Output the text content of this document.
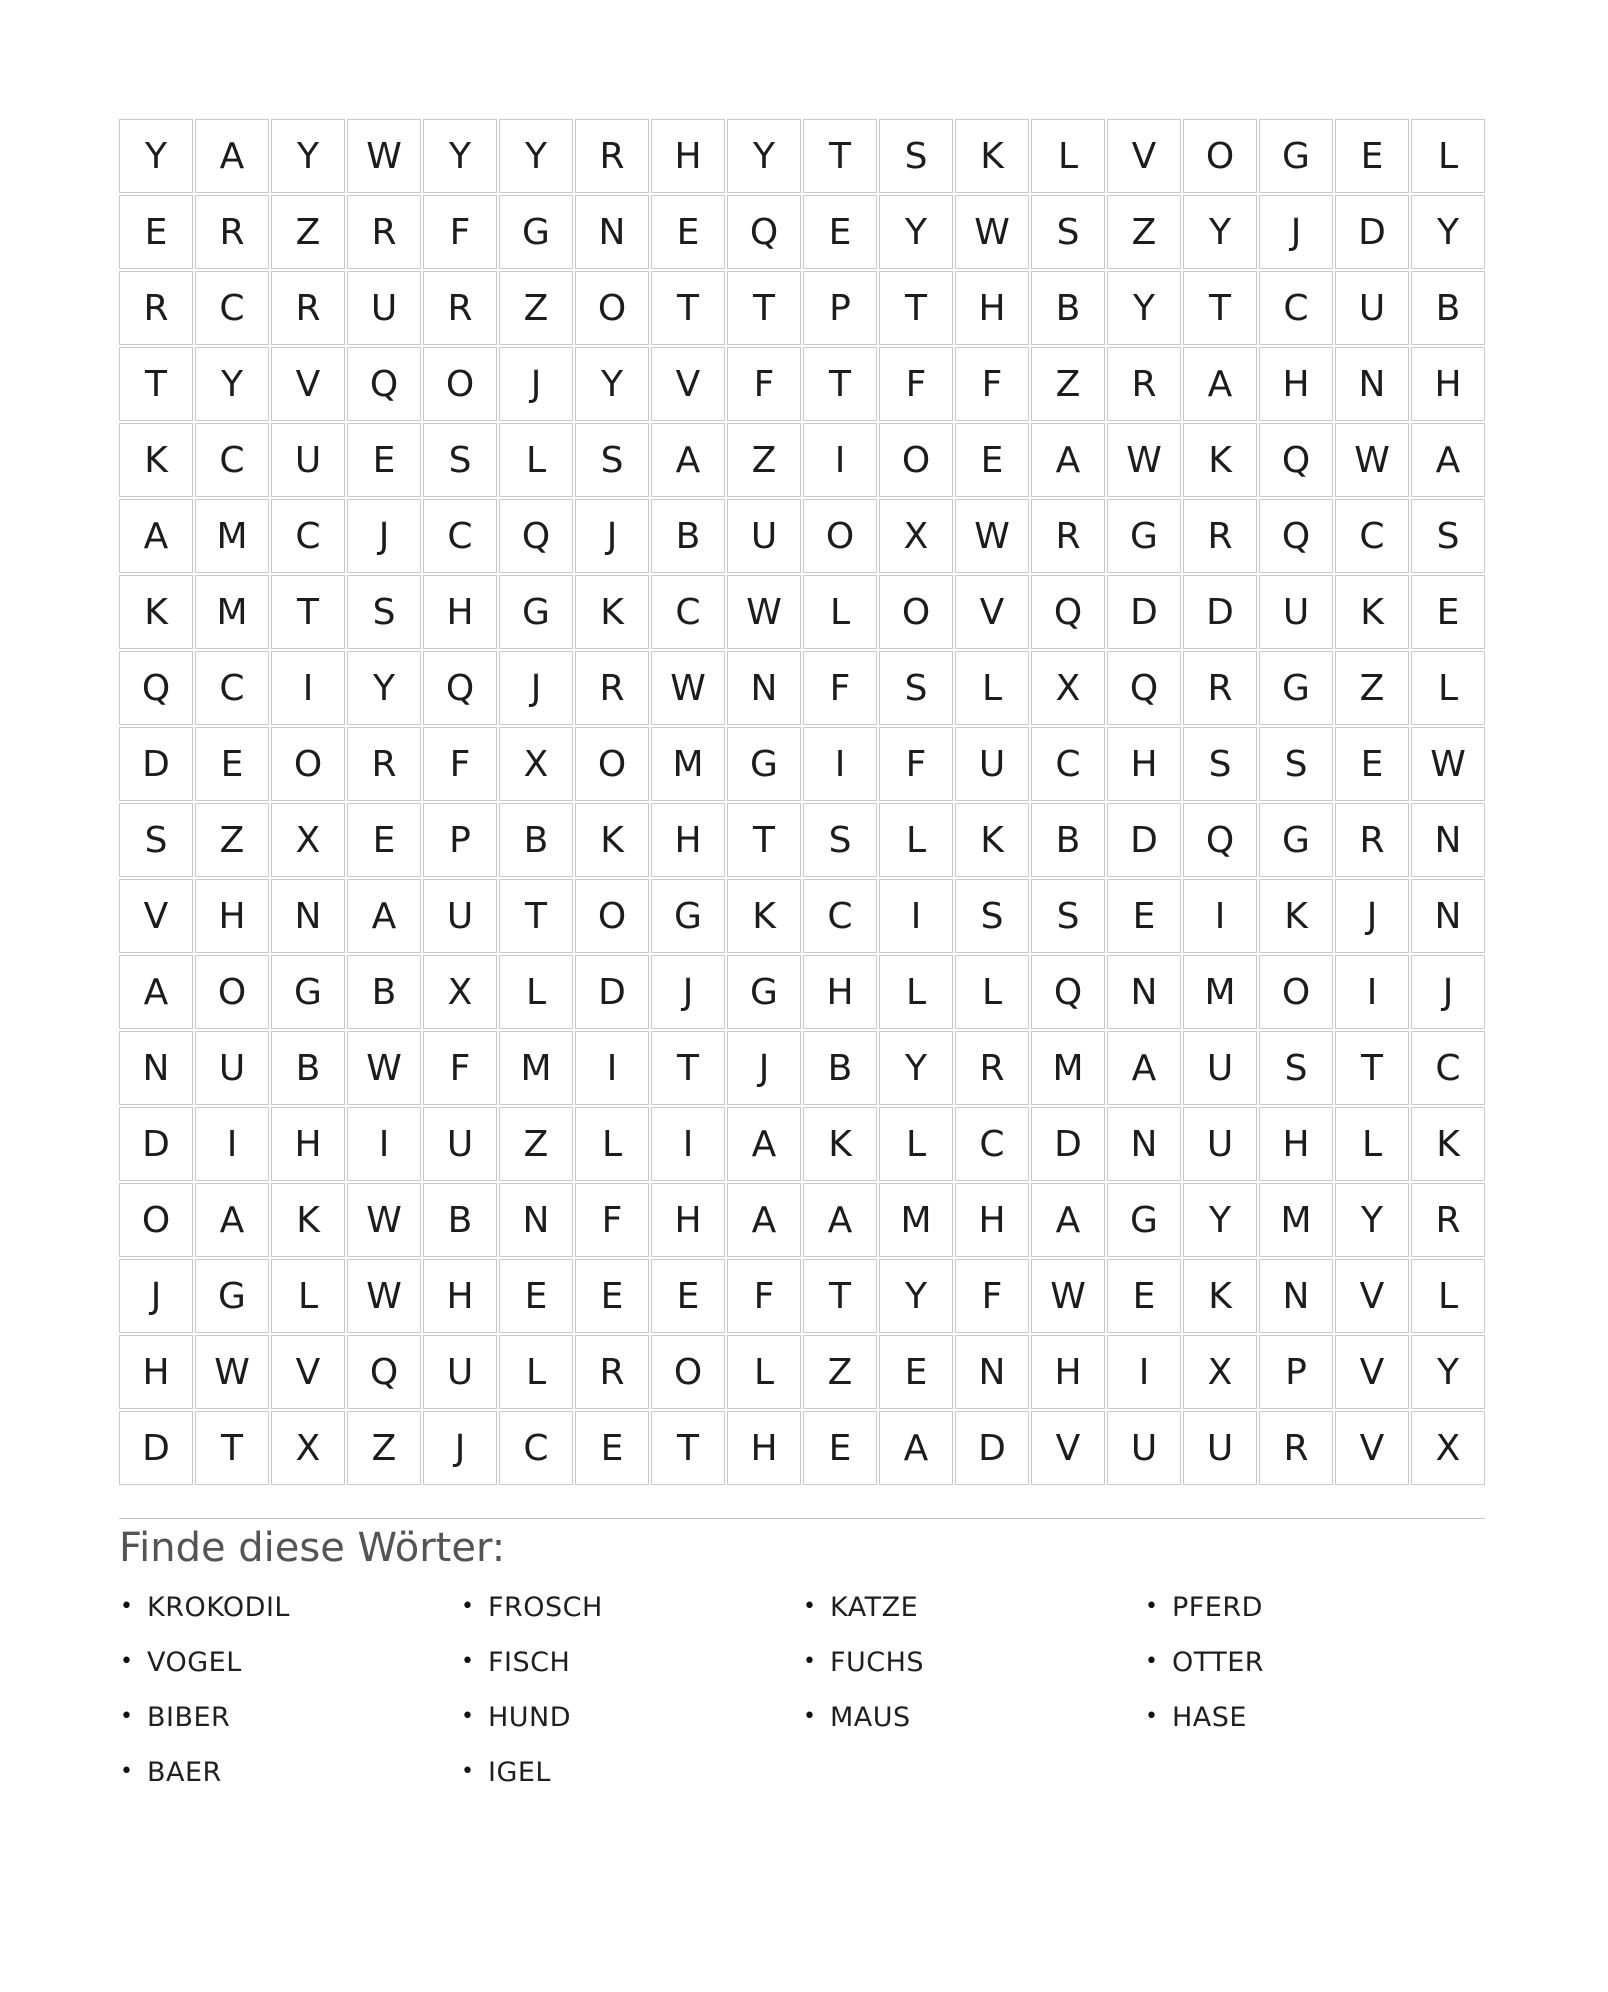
Y	A	Y	W	Y	Y	R	H	Y	T	S	K	L	V	O	G	E	L
E	R	Z	R	F	G	N	E	Q	E	Y	W	S	Z	Y	J	D	Y
R	C	R	U	R	Z	O	T	T	P	T	H	B	Y	T	C	U	B
T	Y	V	Q	O	J	Y	V	F	T	F	F	Z	R	A	H	N	H
K	C	U	E	S	L	S	A	Z	I	O	E	A	W	K	Q	W	A
A	M	C	J	C	Q	J	B	U	O	X	W	R	G	R	Q	C	S
K	M	T	S	H	G	K	C	W	L	O	V	Q	D	D	U	K	E
Q	C	I	Y	Q	J	R	W	N	F	S	L	X	Q	R	G	Z	L
D	E	O	R	F	X	O	M	G	I	F	U	C	H	S	S	E	W
S	Z	X	E	P	B	K	H	T	S	L	K	B	D	Q	G	R	N
V	H	N	A	U	T	O	G	K	C	I	S	S	E	I	K	J	N
A	O	G	B	X	L	D	J	G	H	L	L	Q	N	M	O	I	J
N	U	B	W	F	M	I	T	J	B	Y	R	M	A	U	S	T	C
D	I	H	I	U	Z	L	I	A	K	L	C	D	N	U	H	L	K
O	A	K	W	B	N	F	H	A	A	M	H	A	G	Y	M	Y	R
J	G	L	W	H	E	E	E	F	T	Y	F	W	E	K	N	V	L
H	W	V	Q	U	L	R	O	L	Z	E	N	H	I	X	P	V	Y
D	T	X	Z	J	C	E	T	H	E	A	D	V	U	U	R	V	X
Finde diese Wörter:
• KROKODIL
• VOGEL
• BIBER
• BAER
• FROSCH
• FISCH
• HUND
• IGEL
• KATZE
• FUCHS
• MAUS
• PFERD
• OTTER
• HASE
